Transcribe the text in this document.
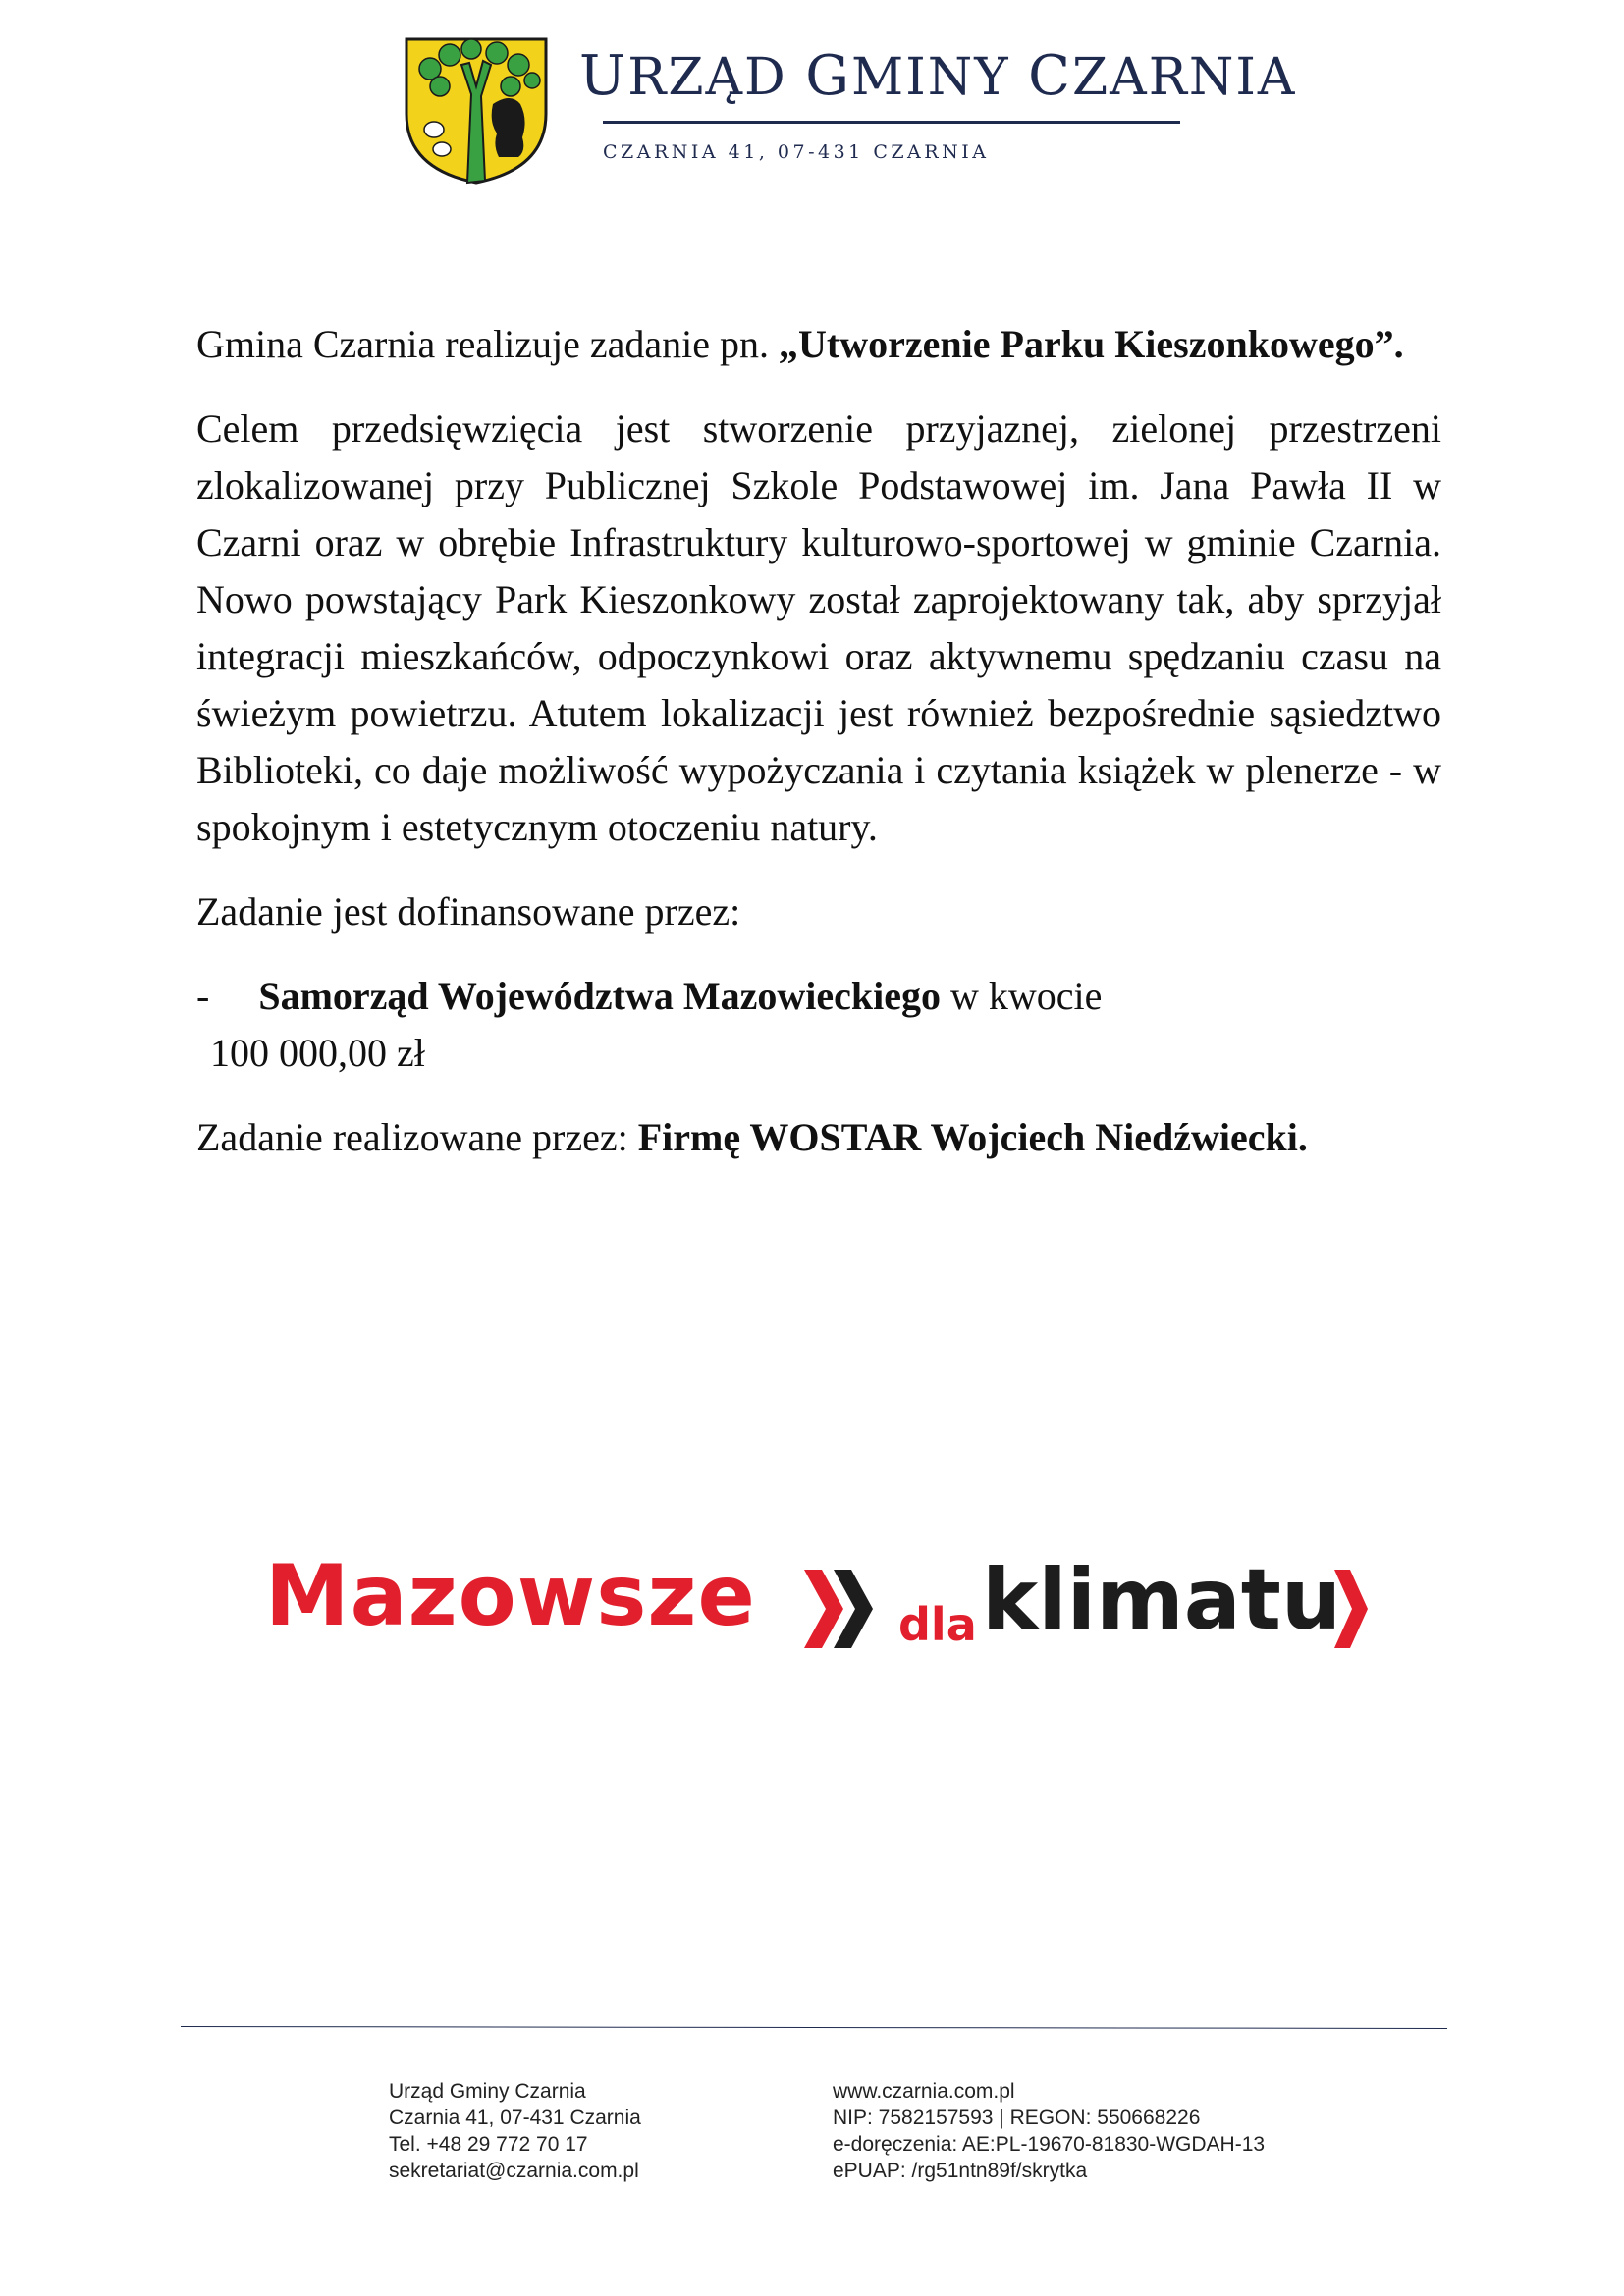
URZĄD GMINY CZARNIA
CZARNIA 41, 07-431 CZARNIA

Gmina Czarnia realizuje zadanie pn. „Utworzenie Parku Kieszonkowego”.

Celem przedsięwzięcia jest stworzenie przyjaznej, zielonej przestrzeni zlokalizowanej przy Publicznej Szkole Podstawowej im. Jana Pawła II w Czarni oraz w obrębie Infrastruktury kulturowo-sportowej w gminie Czarnia. Nowo powstający Park Kieszonkowy został zaprojektowany tak, aby sprzyjał integracji mieszkańców, odpoczynkowi oraz aktywnemu spędzaniu czasu na świeżym powietrzu. Atutem lokalizacji jest również bezpośrednie sąsiedztwo Biblioteki, co daje możliwość wypożyczania i czytania książek w plenerze - w spokojnym i estetycznym otoczeniu natury.

Zadanie jest dofinansowane przez:

- Samorząd Województwa Mazowieckiego w kwocie
100 000,00 zł

Zadanie realizowane przez: Firmę WOSTAR Wojciech Niedźwiecki.

Mazowsze	dla klimatu
Urząd Gminy Czarnia
Czarnia 41, 07-431 Czarnia
Tel. +48 29 772 70 17
sekretariat@czarnia.com.pl
www.czarnia.com.pl
NIP: 7582157593 | REGON: 550668226
e-doręczenia: AE:PL-19670-81830-WGDAH-13
ePUAP: /rg51ntn89f/skrytka
